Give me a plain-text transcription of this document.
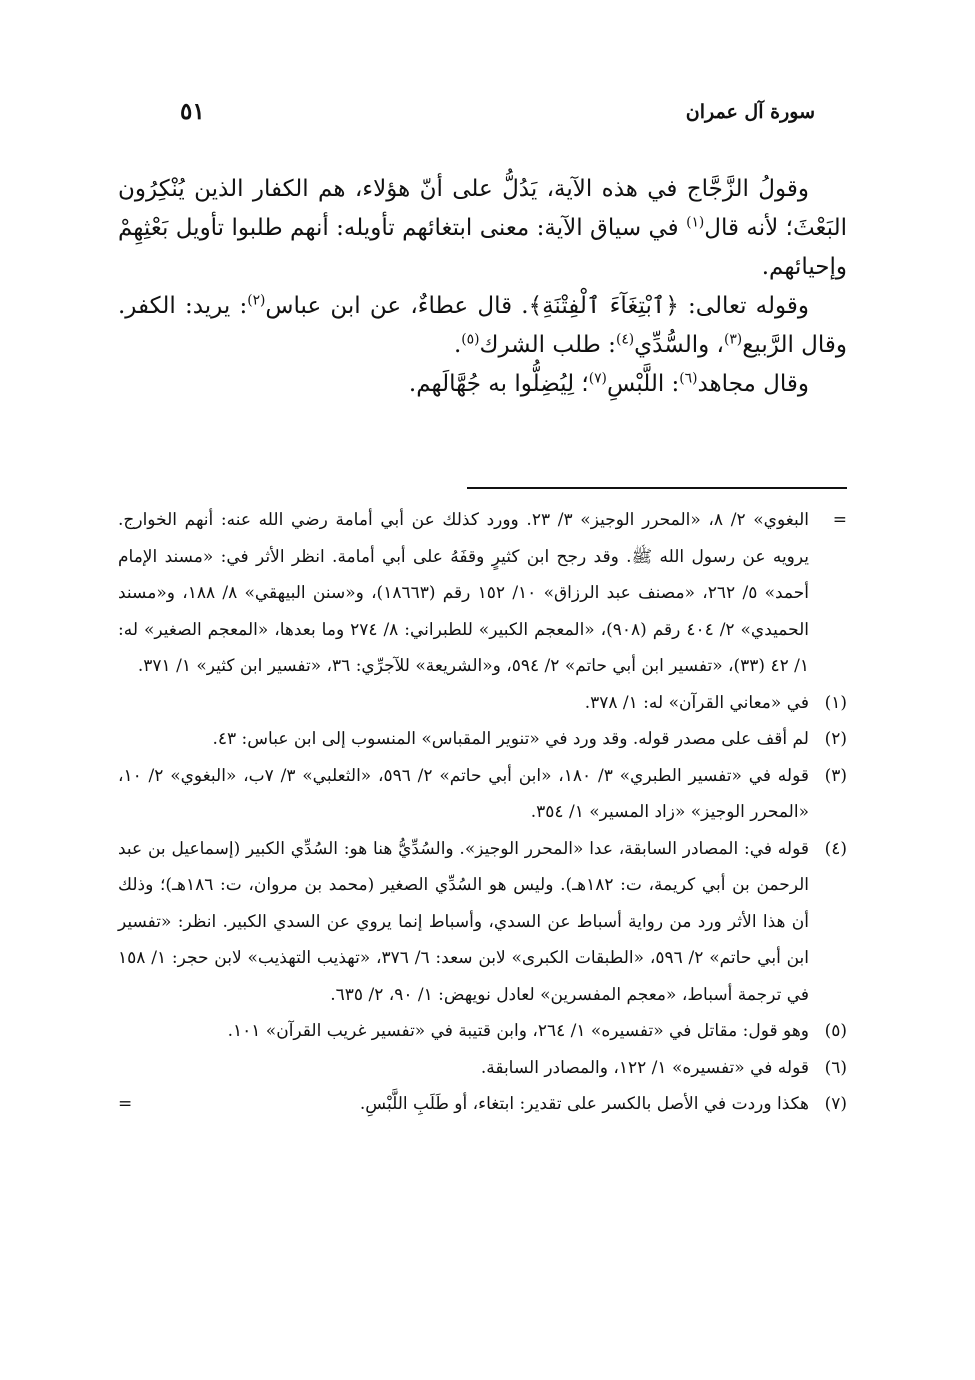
سورة آل عمران
٥١

وقولُ الزَّجَّاج في هذه الآية، يَدُلُّ على أنّ هؤلاء، هم الكفار الذين يُنْكِرُون البَعْثَ؛ لأنه قال$^{(١)}$ في سياق الآية: معنى ابتغائهم تأويله: أنهم طلبوا تأويل بَعْثِهِمْ وإحيائهم.

وقوله تعالى: ﴿ٱبْتِغَآءَ ٱلْفِتْنَةِ﴾. قال عطاءٌ، عن ابن عباس$^{(٢)}$: يريد: الكفر. وقال الرَّبيع$^{(٣)}$، والسُّدِّي$^{(٤)}$: طلب الشرك$^{(٥)}$.

وقال مجاهد$^{(٦)}$: اللَّبْسِ$^{(٧)}$؛ لِيُضِلُّوا به جُهَّالَهم.

=
البغوي» ٢/ ٨، «المحرر الوجيز» ٣/ ٢٣. وورد كذلك عن أبي أمامة رضي الله عنه: أنهم الخوارج. يرويه عن رسول الله ﷺ. وقد رجح ابن كثيرٍ وقفَهُ على أبي أمامة. انظر الأثر في: «مسند الإمام أحمد» ٥/ ٢٦٢، «مصنف عبد الرزاق» ١٠/ ١٥٢ رقم (١٨٦٦٣)، و«سنن البيهقي» ٨/ ١٨٨، و«مسند الحميدي» ٢/ ٤٠٤ رقم (٩٠٨)، «المعجم الكبير» للطبراني: ٨/ ٢٧٤ وما بعدها، «المعجم الصغير» له: ١/ ٤٢ (٣٣)، «تفسير ابن أبي حاتم» ٢/ ٥٩٤، و«الشريعة» للآجرِّي: ٣٦، «تفسير ابن كثير» ١/ ٣٧١.
(١)
في «معاني القرآن» له: ١/ ٣٧٨.
(٢)
لم أقف على مصدر قوله. وقد ورد في «تنوير المقباس» المنسوب إلى ابن عباس: ٤٣.
(٣)
قوله في «تفسير الطبري» ٣/ ١٨٠، «ابن أبي حاتم» ٢/ ٥٩٦، «الثعلبي» ٣/ ٧ب، «البغوي» ٢/ ١٠، «المحرر الوجيز» «زاد المسير» ١/ ٣٥٤.
(٤)
قوله في: المصادر السابقة، عدا «المحرر الوجيز». والسُدِّيُّ هنا هو: السُدِّي الكبير (إسماعيل بن عبد الرحمن بن أبي كريمة، ت: ١٨٢هـ). وليس هو السُدِّي الصغير (محمد بن مروان، ت: ١٨٦هـ)؛ وذلك أن هذا الأثر ورد من رواية أسباط عن السدي، وأسباط إنما يروي عن السدي الكبير. انظر: «تفسير ابن أبي حاتم» ٢/ ٥٩٦، «الطبقات الكبرى» لابن سعد: ٦/ ٣٧٦، «تهذيب التهذيب» لابن حجر: ١/ ١٥٨ في ترجمة أسباط، «معجم المفسرين» لعادل نويهض: ١/ ٩٠، ٢/ ٦٣٥.
(٥)
وهو قول: مقاتل في «تفسيره» ١/ ٢٦٤، وابن قتيبة في «تفسير غريب القرآن» ١٠١.
(٦)
قوله في «تفسيره» ١/ ١٢٢، والمصادر السابقة.
(٧)
هكذا وردت في الأصل بالكسر على تقدير: ابتغاء، أو طَلَبِ اللَّبْسِ.
=
